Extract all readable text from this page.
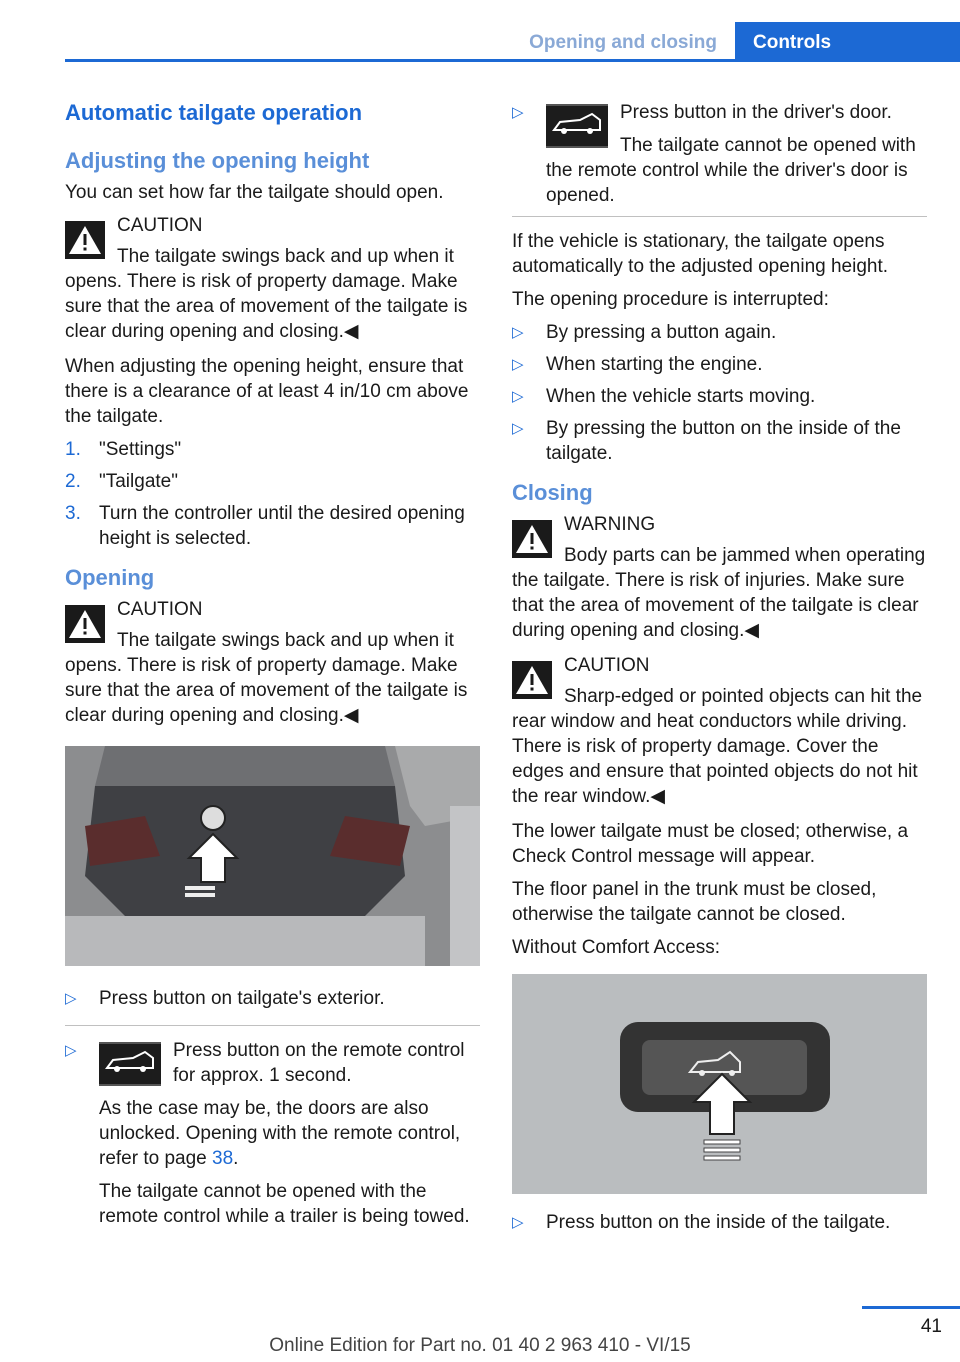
Opening and closing	Controls
Automatic tailgate operation
Adjusting the opening height

You can set how far the tailgate should open.

CAUTION
The tailgate swings back and up when it opens. There is risk of property damage. Make sure that the area of movement of the tailgate is clear during opening and closing.◀

When adjusting the opening height, ensure that there is a clearance of at least 4 in/10 cm above the tailgate.

1. "Settings"
2. "Tailgate"
3. Turn the controller until the desired opening height is selected.
Opening
CAUTION
The tailgate swings back and up when it opens. There is risk of property damage. Make sure that the area of movement of the tailgate is clear during opening and closing.◀
▷ Press button on tailgate's exterior.
▷	Press button on the remote control for approx. 1 second.

As the case may be, the doors are also unlocked. Opening with the remote control, refer to page 38.

The tailgate cannot be opened with the remote control while a trailer is being towed.

▷	Press button in the driver's door.
The tailgate cannot be opened with the remote control while the driver's door is opened.

If the vehicle is stationary, the tailgate opens automatically to the adjusted opening height.

The opening procedure is interrupted:

▷ By pressing a button again.
▷ When starting the engine.
▷ When the vehicle starts moving.
▷ By pressing the button on the inside of the tailgate.
Closing
WARNING
Body parts can be jammed when operating the tailgate. There is risk of injuries. Make sure that the area of movement of the tailgate is clear during opening and closing.◀
CAUTION
Sharp-edged or pointed objects can hit the rear window and heat conductors while driving. There is risk of property damage. Cover the edges and ensure that pointed objects do not hit the rear window.◀

The lower tailgate must be closed; otherwise, a Check Control message will appear.

The floor panel in the trunk must be closed, otherwise the tailgate cannot be closed.

Without Comfort Access:

▷ Press button on the inside of the tailgate.
41
Online Edition for Part no. 01 40 2 963 410 - VI/15
